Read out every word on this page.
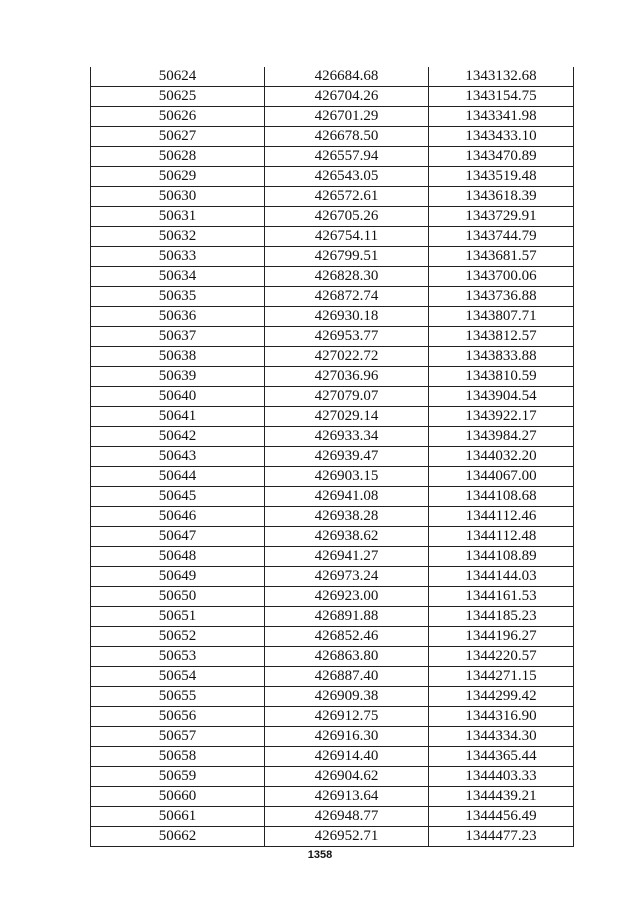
50624	426684.68	1343132.68
50625	426704.26	1343154.75
50626	426701.29	1343341.98
50627	426678.50	1343433.10
50628	426557.94	1343470.89
50629	426543.05	1343519.48
50630	426572.61	1343618.39
50631	426705.26	1343729.91
50632	426754.11	1343744.79
50633	426799.51	1343681.57
50634	426828.30	1343700.06
50635	426872.74	1343736.88
50636	426930.18	1343807.71
50637	426953.77	1343812.57
50638	427022.72	1343833.88
50639	427036.96	1343810.59
50640	427079.07	1343904.54
50641	427029.14	1343922.17
50642	426933.34	1343984.27
50643	426939.47	1344032.20
50644	426903.15	1344067.00
50645	426941.08	1344108.68
50646	426938.28	1344112.46
50647	426938.62	1344112.48
50648	426941.27	1344108.89
50649	426973.24	1344144.03
50650	426923.00	1344161.53
50651	426891.88	1344185.23
50652	426852.46	1344196.27
50653	426863.80	1344220.57
50654	426887.40	1344271.15
50655	426909.38	1344299.42
50656	426912.75	1344316.90
50657	426916.30	1344334.30
50658	426914.40	1344365.44
50659	426904.62	1344403.33
50660	426913.64	1344439.21
50661	426948.77	1344456.49
50662	426952.71	1344477.23
1358
